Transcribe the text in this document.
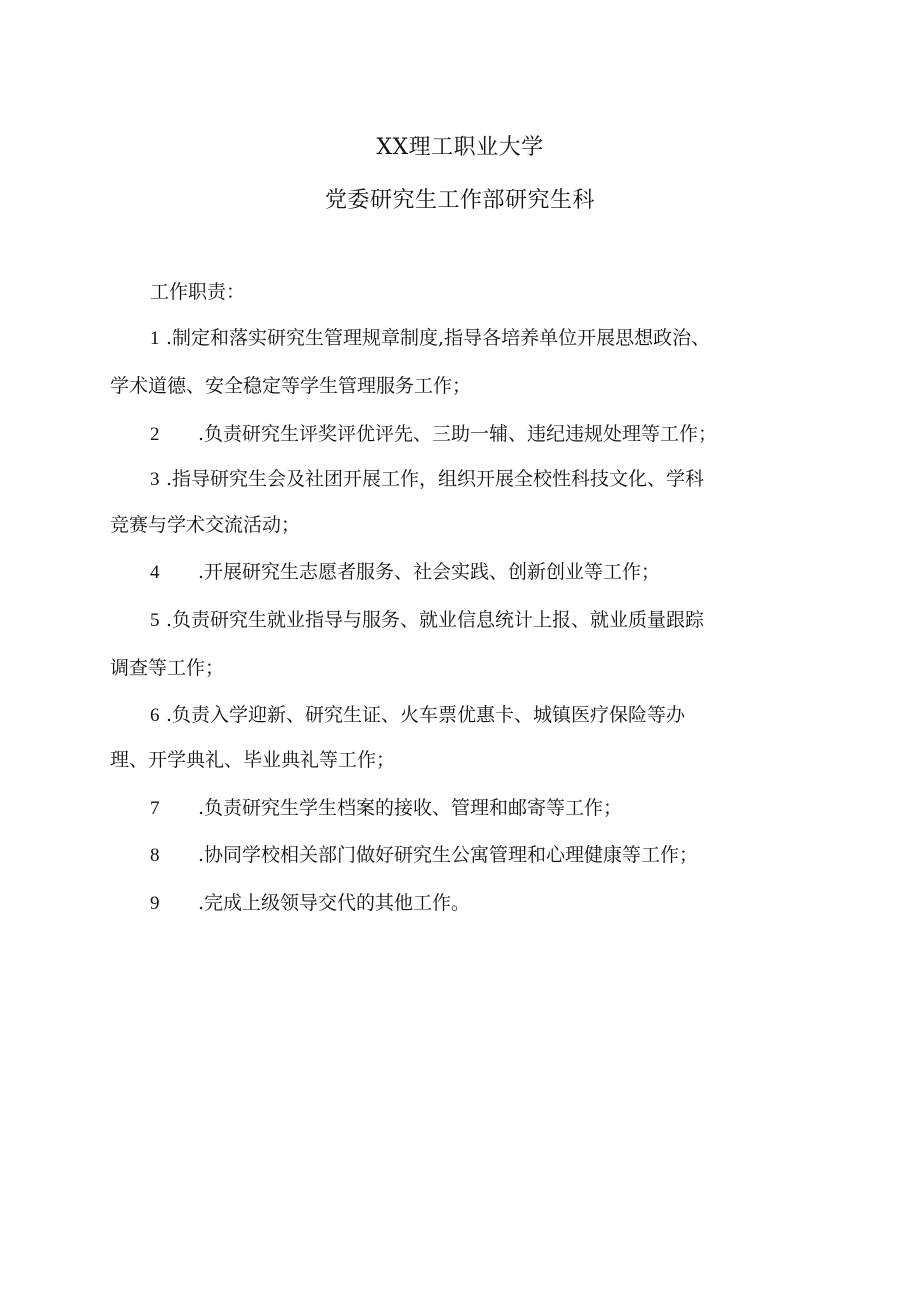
XX理工职业大学
党委研究生工作部研究生科
工作职责：
1 .制定和落实研究生管理规章制度,指导各培养单位开展思想政治、
学术道德、安全稳定等学生管理服务工作；
2 .负责研究生评奖评优评先、三助一辅、违纪违规处理等工作；
3 .指导研究生会及社团开展工作，组织开展全校性科技文化、学科
竞赛与学术交流活动；
4 .开展研究生志愿者服务、社会实践、创新创业等工作；
5 .负责研究生就业指导与服务、就业信息统计上报、就业质量跟踪
调查等工作；
6 .负责入学迎新、研究生证、火车票优惠卡、城镇医疗保险等办
理、开学典礼、毕业典礼等工作；
7 .负责研究生学生档案的接收、管理和邮寄等工作；
8 .协同学校相关部门做好研究生公寓管理和心理健康等工作；
9 .完成上级领导交代的其他工作。
